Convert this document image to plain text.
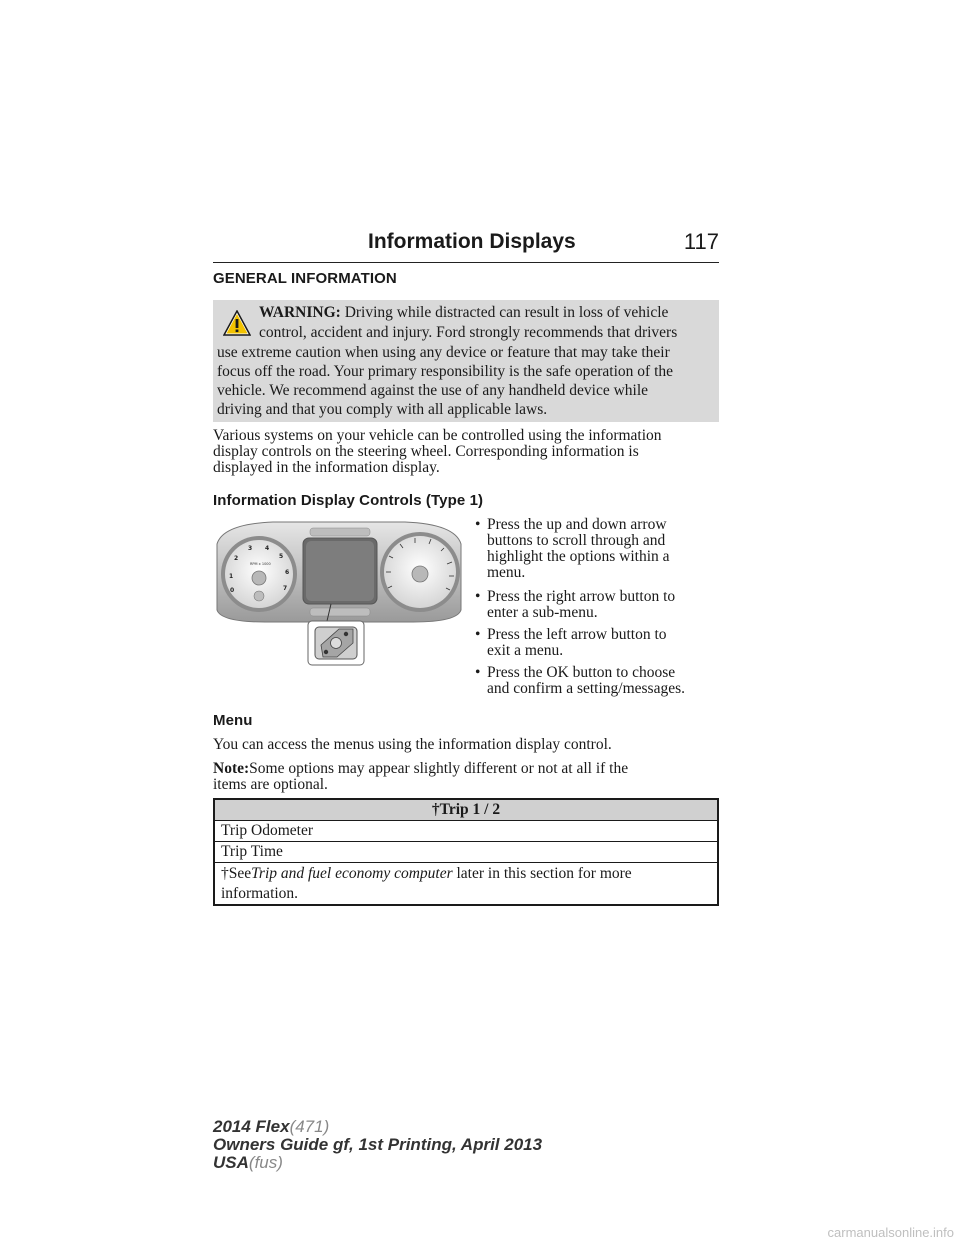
Information Displays	117
GENERAL INFORMATION
WARNING: Driving while distracted can result in loss of vehicle
control, accident and injury. Ford strongly recommends that drivers
use extreme caution when using any device or feature that may take their
focus off the road. Your primary responsibility is the safe operation of the
vehicle. We recommend against the use of any handheld device while
driving and that you comply with all applicable laws.
Various systems on your vehicle can be controlled using the information
display controls on the steering wheel. Corresponding information is
displayed in the information display.
Information Display Controls (Type 1)
1
2
3 4
5
6
0	7
RPM x 1000
• Press the up and down arrow
buttons to scroll through and
highlight the options within a
menu.
• Press the right arrow button to
enter a sub-menu.
• Press the left arrow button to
exit a menu.
• Press the OK button to choose
and confirm a setting/messages.
Menu
You can access the menus using the information display control.
Note:Some options may appear slightly different or not at all if the
items are optional.
†Trip 1 / 2
Trip Odometer
Trip Time
†SeeTrip and fuel economy computer later in this section for more
information.
2014 Flex(471)
Owners Guide gf, 1st Printing, April 2013
USA(fus)
carmanualsonline.info
